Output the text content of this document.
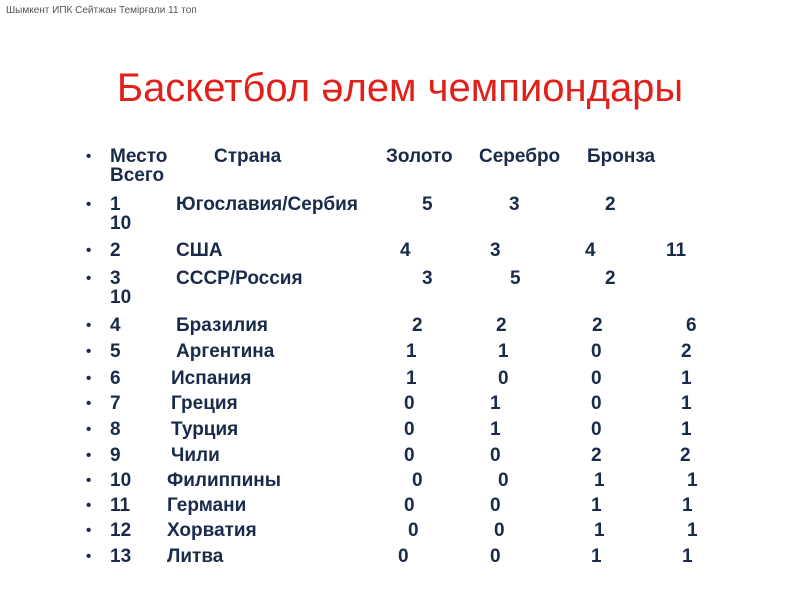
Шымкент ИПК Сейтжан Темірғали 11 топ
Баскетбол әлем чемпиондары
• Место Страна	Золото Серебро Бронза
Всего
• 1	Югославия/Сербия	5	3	2
10
• 2	США	4	3	4	11
• 3	СССР/Россия	3	5	2
10
• 4	Бразилия	2	2	2	6
• 5	Аргентина	1	1	0	2
• 6	Испания	1	0	0	1
• 7	Греция	0	1	0	1
• 8	Турция	0	1	0	1
• 9	Чили	0	0	2	2
• 10 Филиппины	0	0	1	1
• 11 Германи	0	0	1	1
• 12 Хорватия	0	0	1	1
• 13 Литва	0	0	1	1
